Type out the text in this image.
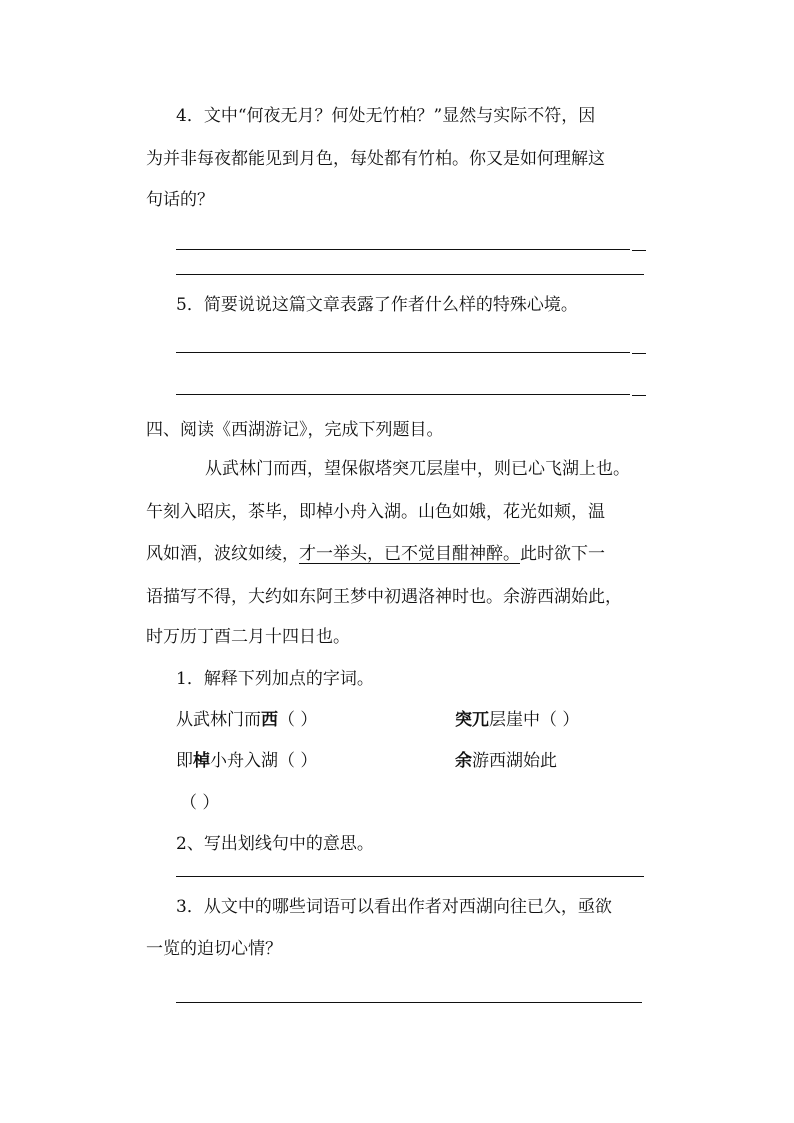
4．文中“何夜无月？何处无竹柏？”显然与实际不符，因
为并非每夜都能见到月色，每处都有竹柏。你又是如何理解这
句话的？
5．简要说说这篇文章表露了作者什么样的特殊心境。
四、阅读《西湖游记》，完成下列题目。
从武林门而西，望保俶塔突兀层崖中，则已心飞湖上也。
午刻入昭庆，茶毕，即棹小舟入湖。山色如娥，花光如颊，温
风如酒，波纹如绫，才一举头，已不觉目酣神醉。此时欲下一
语描写不得，大约如东阿王梦中初遇洛神时也。余游西湖始此，
时万历丁酉二月十四日也。
1．解释下列加点的字词。
从武林门而西（ ）	突兀层崖中（ ）
即棹小舟入湖（ ）	余游西湖始此
（ ）
2、写出划线句中的意思。
3．从文中的哪些词语可以看出作者对西湖向往已久，亟欲
一览的迫切心情？
